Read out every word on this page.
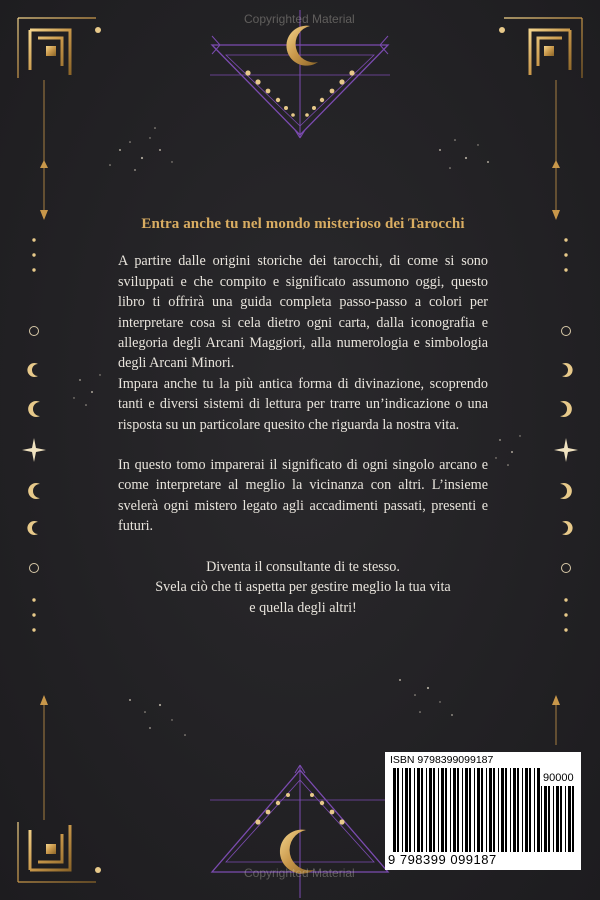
Copyrighted Material
Copyrighted Material
Entra anche tu nel mondo misterioso dei Tarocchi
A partire dalle origini storiche dei tarocchi, di come si sono sviluppati e che compito e significato assumono oggi, questo libro ti offrirà una guida completa passo-passo a colori per interpretare cosa si cela dietro ogni carta, dalla iconografia e allegoria degli Arcani Maggiori, alla numerologia e simbologia degli Arcani Minori.
Impara anche tu la più antica forma di divinazione, scoprendo tanti e diversi sistemi di lettura per trarre un’indicazione o una risposta su un particolare quesito che riguarda la nostra vita.
In questo tomo imparerai il significato di ogni singolo arcano e come interpretare al meglio la vicinanza con altri. L’insieme svelerà ogni mistero legato agli accadimenti passati, presenti e futuri.
Diventa il consultante di te stesso.
Svela ciò che ti aspetta per gestire meglio la tua vita
e quella degli altri!
ISBN 9798399099187
90000
9 798399 099187
